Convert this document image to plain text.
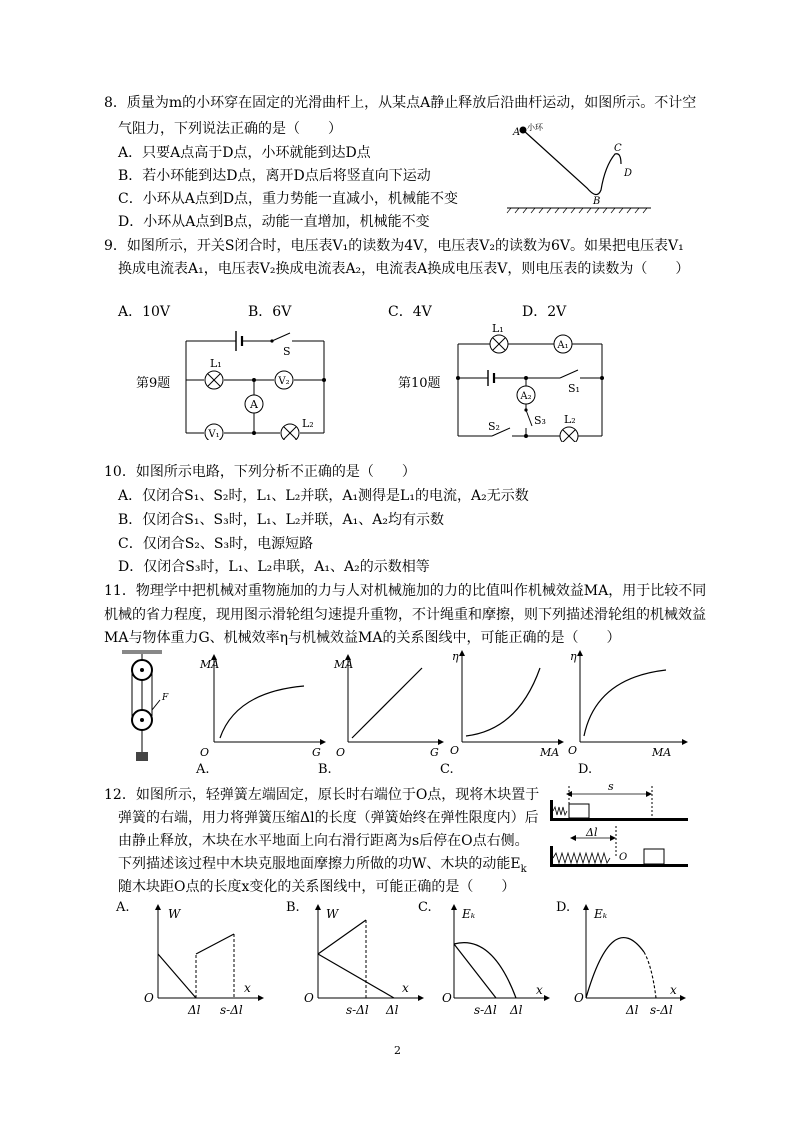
8．质量为m的小环穿在固定的光滑曲杆上，从某点A静止释放后沿曲杆运动，如图所示。不计空
气阻力，下列说法正确的是（　　）
A．只要A点高于D点，小环就能到达D点
B．若小环能到达D点，离开D点后将竖直向下运动
C．小环从A点到D点，重力势能一直减小，机械能不变
D．小环从A点到B点，动能一直增加，机械能不变
A 小环
B
C
D
9．如图所示，开关S闭合时，电压表V₁的读数为4V，电压表V₂的读数为6V。如果把电压表V₁
换成电流表A₁，电压表V₂换成电流表A₂，电流表A换成电压表V，则电压表的读数为（　　）
A．10V	B．6V	C．4V	D．2V
第9题	V₂
A
V₁
S
L₁
L₂
第10题
A₁
A₂
L₁
S₁
S₃
S₂
L₂
10．如图所示电路，下列分析不正确的是（　　）
A．仅闭合S₁、S₂时，L₁、L₂并联，A₁测得是L₁的电流，A₂无示数
B．仅闭合S₁、S₃时，L₁、L₂并联，A₁、A₂均有示数
C．仅闭合S₂、S₃时，电源短路
D．仅闭合S₃时，L₁、L₂串联，A₁、A₂的示数相等
11．物理学中把机械对重物施加的力与人对机械施加的力的比值叫作机械效益MA，用于比较不同
机械的省力程度，现用图示滑轮组匀速提升重物，不计绳重和摩擦，则下列描述滑轮组的机械效益
MA与物体重力G、机械效率η与机械效益MA的关系图线中，可能正确的是（　　）
F
MA
G
O
A.
MA
G
O
B.
η
MA
O
C.
η
MA
O
D.
12．如图所示，轻弹簧左端固定，原长时右端位于O点，现将木块置于
弹簧的右端，用力将弹簧压缩Δl的长度（弹簧始终在弹性限度内）后
由静止释放，木块在水平地面上向右滑行距离为s后停在O点右侧。
下列描述该过程中木块克服地面摩擦力所做的功W、木块的动能$E_k$
随木块距O点的长度x变化的关系图线中，可能正确的是（　　）
s
Δl
O
A.	W
O
x
Δl s-Δl
B. W
O
x
s-Δl Δl
C.	Eₖ
O
x
s-Δl Δl
D. Eₖ
O
x
Δl s-Δl
2
